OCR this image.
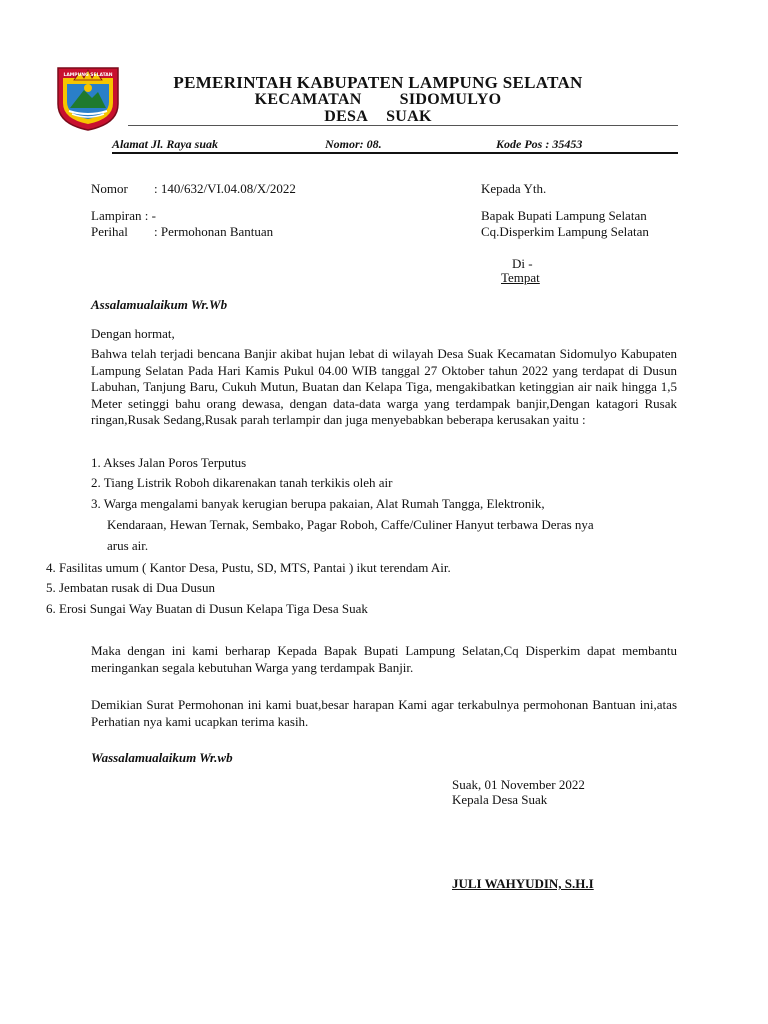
LAMPUNG SELATAN	PEMERINTAH KABUPATEN LAMPUNG SELATAN
KECAMATAN SIDOMULYO
DESA SUAK
Alamat Jl. Raya suak	Nomor: 08.	Kode Pos : 35453
Nomor : 140/632/VI.04.08/X/2022
Lampiran : -
Perihal : Permohonan Bantuan
Kepada Yth.
Bapak Bupati Lampung Selatan
Cq.Disperkim Lampung Selatan
Di -
Tempat
Assalamualaikum Wr.Wb
Dengan hormat,
Bahwa telah terjadi bencana Banjir akibat hujan lebat di wilayah Desa Suak Kecamatan Sidomulyo Kabupaten Lampung Selatan Pada Hari Kamis Pukul 04.00 WIB tanggal 27 Oktober tahun 2022 yang terdapat di Dusun Labuhan, Tanjung Baru, Cukuh Mutun, Buatan dan Kelapa Tiga, mengakibatkan ketinggian air naik hingga 1,5 Meter setinggi bahu orang dewasa, dengan data-data warga yang terdampak banjir,Dengan katagori Rusak ringan,Rusak Sedang,Rusak parah terlampir dan juga menyebabkan beberapa kerusakan yaitu :
1. Akses Jalan Poros Terputus
2. Tiang Listrik Roboh dikarenakan tanah terkikis oleh air
3. Warga mengalami banyak kerugian berupa pakaian, Alat Rumah Tangga, Elektronik,
Kendaraan, Hewan Ternak, Sembako, Pagar Roboh, Caffe/Culiner Hanyut terbawa Deras nya
arus air.
4. Fasilitas umum ( Kantor Desa, Pustu, SD, MTS, Pantai ) ikut terendam Air.
5. Jembatan rusak di Dua Dusun
6. Erosi Sungai Way Buatan di Dusun Kelapa Tiga Desa Suak
Maka dengan ini kami berharap Kepada Bapak Bupati Lampung Selatan,Cq Disperkim dapat membantu meringankan segala kebutuhan Warga yang terdampak Banjir.
Demikian Surat Permohonan ini kami buat,besar harapan Kami agar terkabulnya permohonan Bantuan ini,atas Perhatian nya kami ucapkan terima kasih.
Wassalamualaikum Wr.wb
Suak, 01 November 2022
Kepala Desa Suak
JULI WAHYUDIN, S.H.I
